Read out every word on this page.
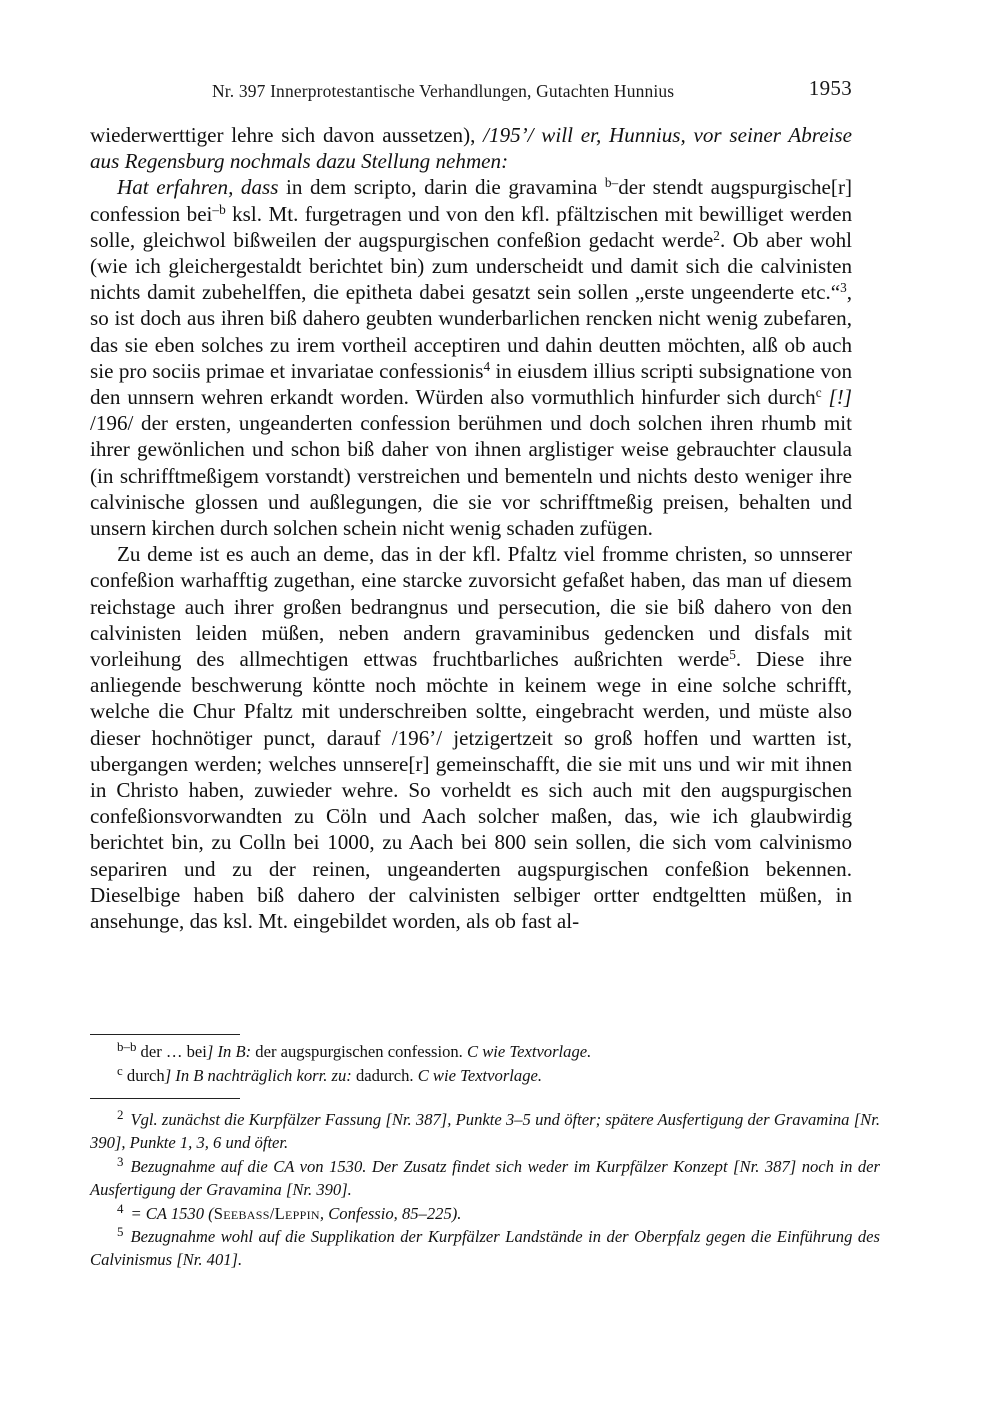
Nr. 397 Innerprotestantische Verhandlungen, Gutachten Hunnius	1953

wiederwerttiger lehre sich davon aussetzen), /195’/ will er, Hunnius, vor seiner Abreise aus Regensburg nochmals dazu Stellung nehmen:

Hat erfahren, dass in dem scripto, darin die gravamina $^{b-}$der stendt augspurgische[r] confession bei$^{-b}$ ksl. Mt. furgetragen und von den kfl. pfältzischen mit bewilliget werden solle, gleichwol bißweilen der augspurgischen confeßion gedacht werde$^2$. Ob aber wohl (wie ich gleichergestaldt berichtet bin) zum underscheidt und damit sich die calvinisten nichts damit zubehelffen, die epitheta dabei gesatzt sein sollen „erste ungeenderte etc.“$^3$, so ist doch aus ihren biß dahero geubten wunderbarlichen rencken nicht wenig zubefaren, das sie eben solches zu irem vortheil acceptiren und dahin deutten möchten, alß ob auch sie pro sociis primae et invariatae confessionis$^4$ in eiusdem illius scripti subsignatione von den unnsern wehren erkandt worden. Würden also vormuthlich hinfurder sich durch$^c$ [!] /196/ der ersten, ungeanderten confession berühmen und doch solchen ihren rhumb mit ihrer gewönlichen und schon biß daher von ihnen arglistiger weise gebrauchter clausula (in schrifftmeßigem vorstandt) verstreichen und bementeln und nichts desto weniger ihre calvinische glossen und außlegungen, die sie vor schrifftmeßig preisen, behalten und unsern kirchen durch solchen schein nicht wenig schaden zufügen.

Zu deme ist es auch an deme, das in der kfl. Pfaltz viel fromme christen, so unnserer confeßion warhafftig zugethan, eine starcke zuvorsicht gefaßet haben, das man uf diesem reichstage auch ihrer großen bedrangnus und persecution, die sie biß dahero von den calvinisten leiden müßen, neben andern gravaminibus gedencken und disfals mit vorleihung des allmechtigen ettwas fruchtbarliches außrichten werde$^5$. Diese ihre anliegende beschwerung köntte noch möchte in keinem wege in eine solche schrifft, welche die Chur Pfaltz mit underschreiben soltte, eingebracht werden, und müste also dieser hochnötiger punct, darauf /196’/ jetzigertzeit so groß hoffen und wartten ist, ubergangen werden; welches unnsere[r] gemeinschafft, die sie mit uns und wir mit ihnen in Christo haben, zuwieder wehre. So vorheldt es sich auch mit den augspurgischen confeßionsvorwandten zu Cöln und Aach solcher maßen, das, wie ich glaubwirdig berichtet bin, zu Colln bei 1000, zu Aach bei 800 sein sollen, die sich vom calvinismo separiren und zu der reinen, ungeanderten augspurgischen confeßion bekennen. Dieselbige haben biß dahero der calvinisten selbiger ortter endtgeltten müßen, in ansehunge, das ksl. Mt. eingebildet worden, als ob fast al-

$^{b-b}$ der … bei] In B: der augspurgischen confession. C wie Textvorlage.

$^c$ durch] In B nachträglich korr. zu: dadurch. C wie Textvorlage.

$^2$ Vgl. zunächst die Kurpfälzer Fassung [Nr. 387], Punkte 3–5 und öfter; spätere Ausfertigung der Gravamina [Nr. 390], Punkte 1, 3, 6 und öfter.

$^3$ Bezugnahme auf die CA von 1530. Der Zusatz findet sich weder im Kurpfälzer Konzept [Nr. 387] noch in der Ausfertigung der Gravamina [Nr. 390].

$^4$ = CA 1530 (Seebass/Leppin, Confessio, 85–225).

$^5$ Bezugnahme wohl auf die Supplikation der Kurpfälzer Landstände in der Oberpfalz gegen die Einführung des Calvinismus [Nr. 401].
